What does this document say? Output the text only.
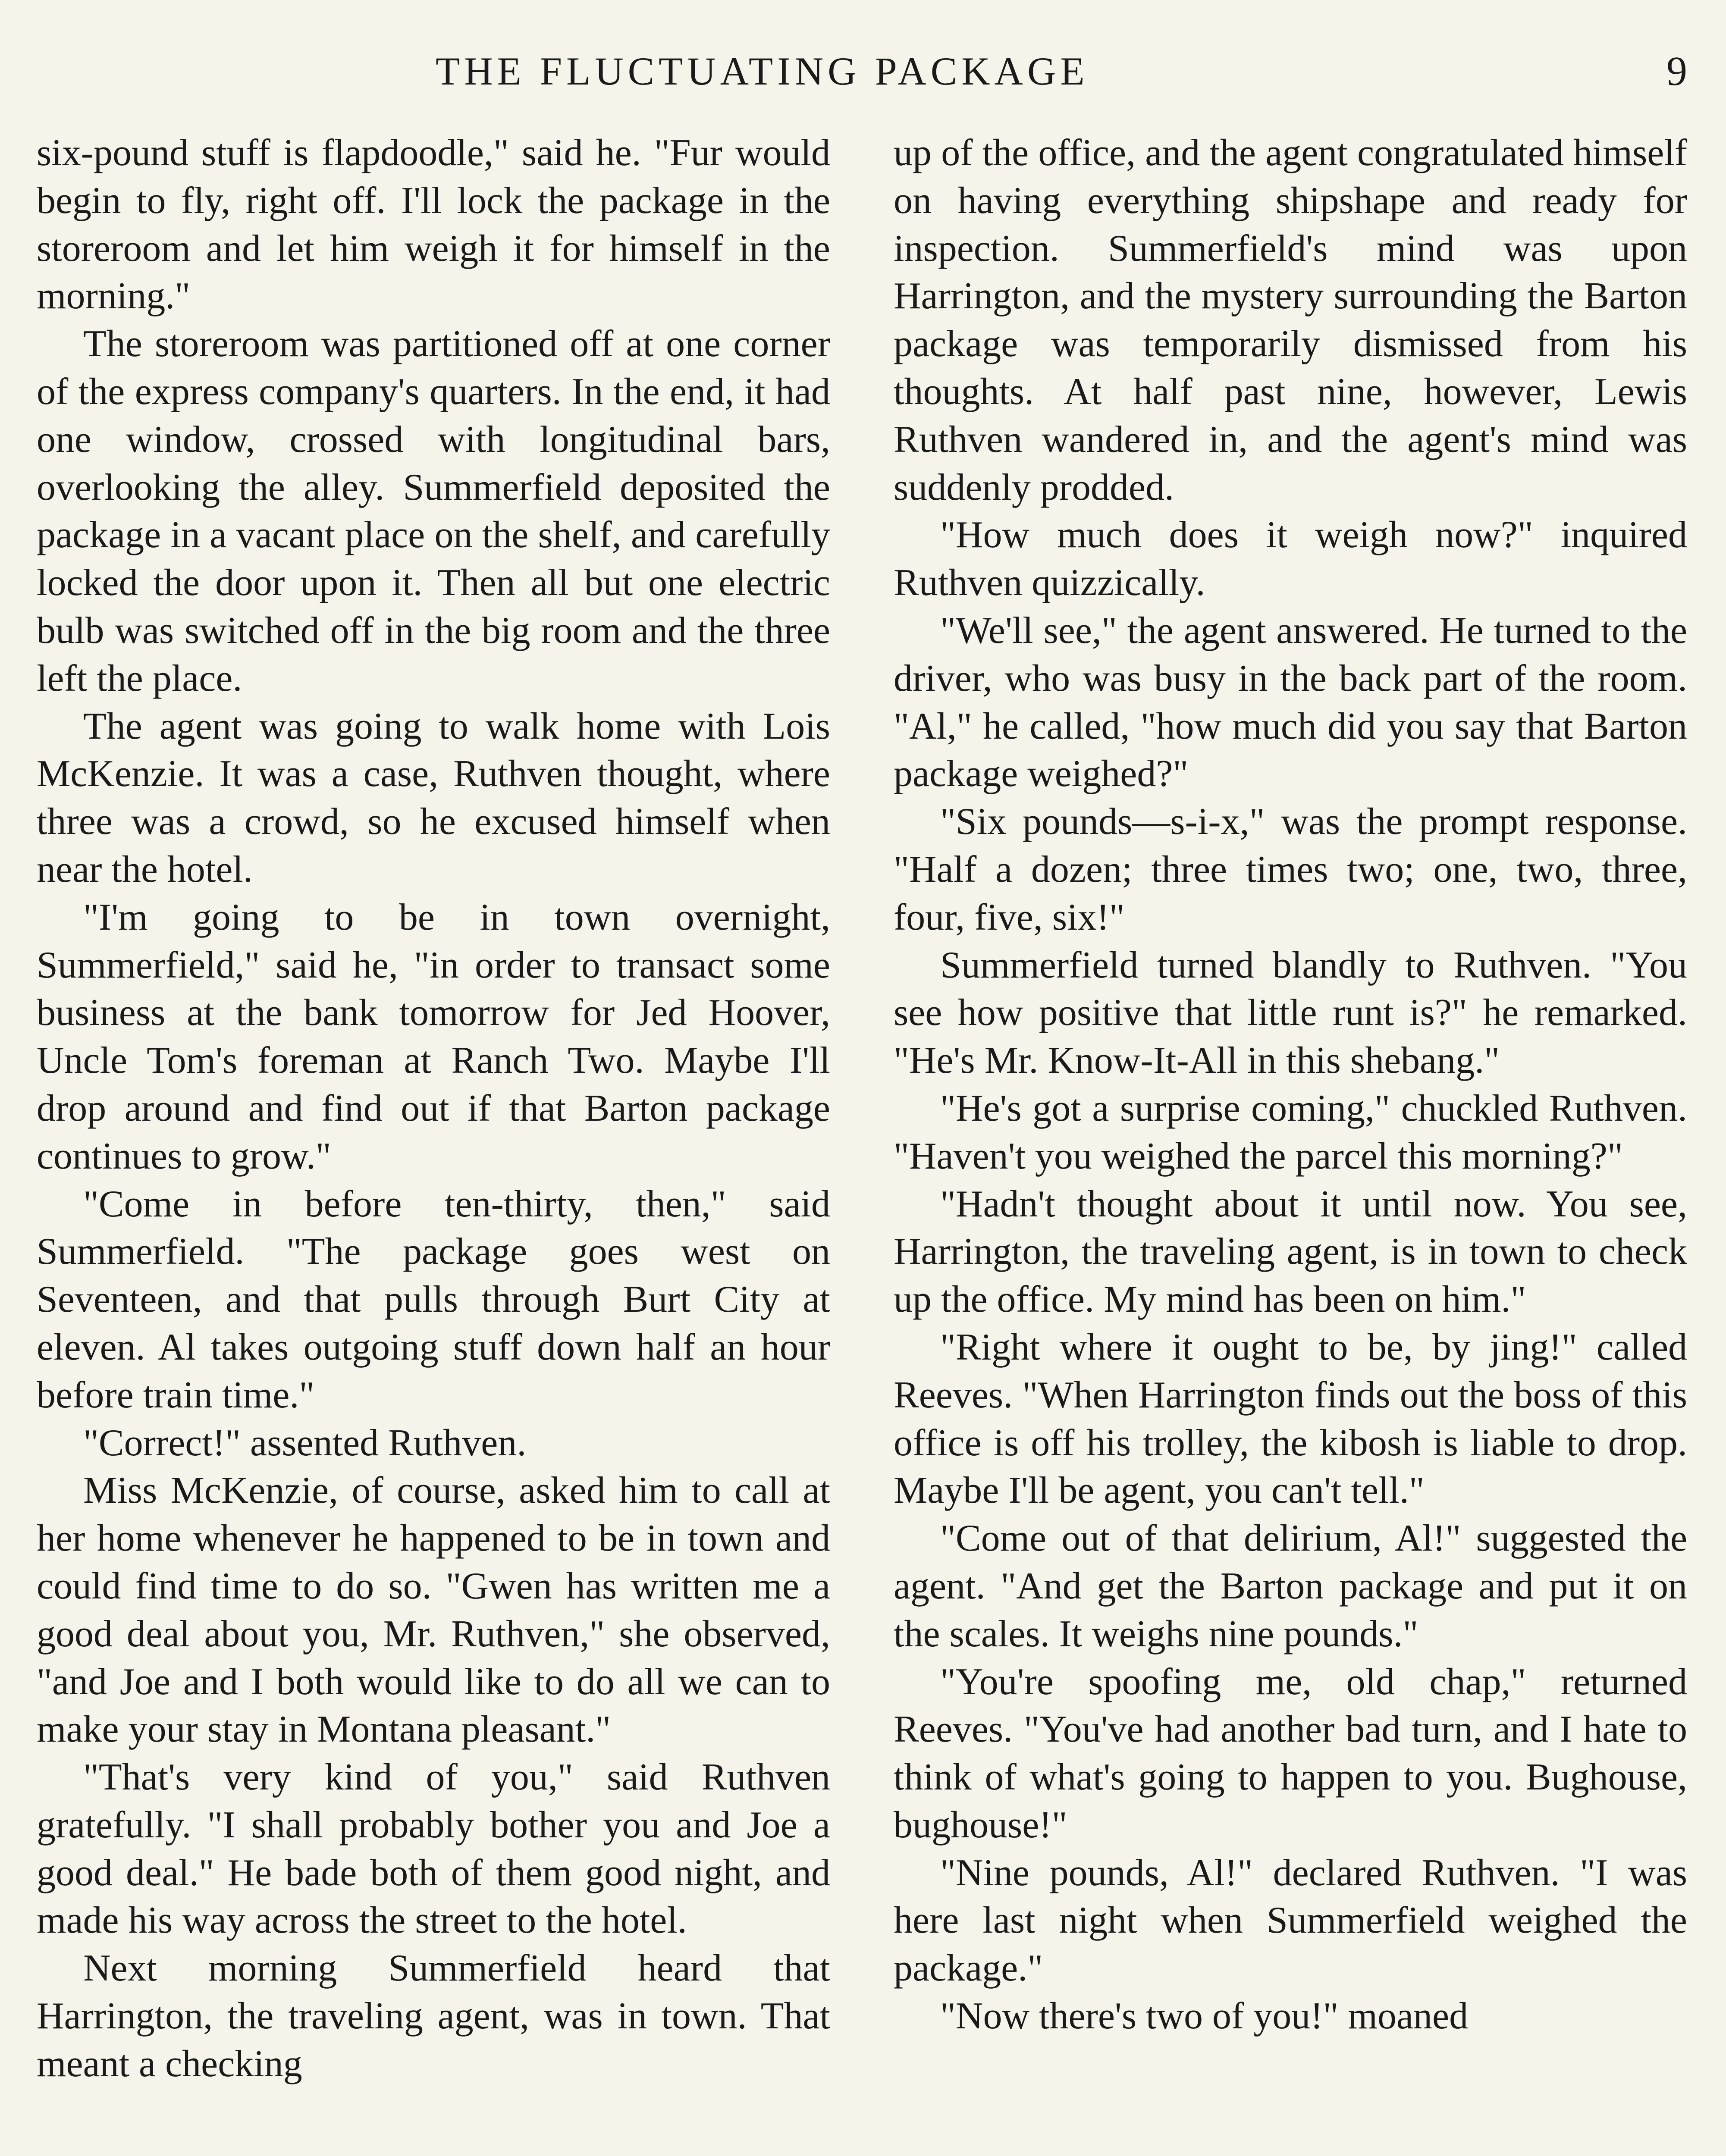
THE FLUCTUATING PACKAGE	9

six-pound stuff is flapdoodle," said he. "Fur would begin to fly, right off. I'll lock the package in the storeroom and let him weigh it for himself in the morning."

The storeroom was partitioned off at one corner of the express company's quarters. In the end, it had one window, crossed with longitudinal bars, overlooking the alley. Summerfield deposited the package in a vacant place on the shelf, and carefully locked the door upon it. Then all but one electric bulb was switched off in the big room and the three left the place.

The agent was going to walk home with Lois McKenzie. It was a case, Ruthven thought, where three was a crowd, so he excused himself when near the hotel.

"I'm going to be in town overnight, Summerfield," said he, "in order to transact some business at the bank tomorrow for Jed Hoover, Uncle Tom's foreman at Ranch Two. Maybe I'll drop around and find out if that Barton package continues to grow."

"Come in before ten-thirty, then," said Summerfield. "The package goes west on Seventeen, and that pulls through Burt City at eleven. Al takes outgoing stuff down half an hour before train time."

"Correct!" assented Ruthven.

Miss McKenzie, of course, asked him to call at her home whenever he happened to be in town and could find time to do so. "Gwen has written me a good deal about you, Mr. Ruthven," she observed, "and Joe and I both would like to do all we can to make your stay in Montana pleasant."

"That's very kind of you," said Ruthven gratefully. "I shall probably bother you and Joe a good deal." He bade both of them good night, and made his way across the street to the hotel.

Next morning Summerfield heard that Harrington, the traveling agent, was in town. That meant a checking

up of the office, and the agent congratulated himself on having everything shipshape and ready for inspection. Summerfield's mind was upon Harrington, and the mystery surrounding the Barton package was temporarily dismissed from his thoughts. At half past nine, however, Lewis Ruthven wandered in, and the agent's mind was suddenly prodded.

"How much does it weigh now?" inquired Ruthven quizzically.

"We'll see," the agent answered. He turned to the driver, who was busy in the back part of the room. "Al," he called, "how much did you say that Barton package weighed?"

"Six pounds—s-i-x," was the prompt response. "Half a dozen; three times two; one, two, three, four, five, six!"

Summerfield turned blandly to Ruthven. "You see how positive that little runt is?" he remarked. "He's Mr. Know-It-All in this shebang."

"He's got a surprise coming," chuckled Ruthven. "Haven't you weighed the parcel this morning?"

"Hadn't thought about it until now. You see, Harrington, the traveling agent, is in town to check up the office. My mind has been on him."

"Right where it ought to be, by jing!" called Reeves. "When Harrington finds out the boss of this office is off his trolley, the kibosh is liable to drop. Maybe I'll be agent, you can't tell."

"Come out of that delirium, Al!" suggested the agent. "And get the Barton package and put it on the scales. It weighs nine pounds."

"You're spoofing me, old chap," returned Reeves. "You've had another bad turn, and I hate to think of what's going to happen to you. Bughouse, bughouse!"

"Nine pounds, Al!" declared Ruthven. "I was here last night when Summerfield weighed the package."

"Now there's two of you!" moaned
